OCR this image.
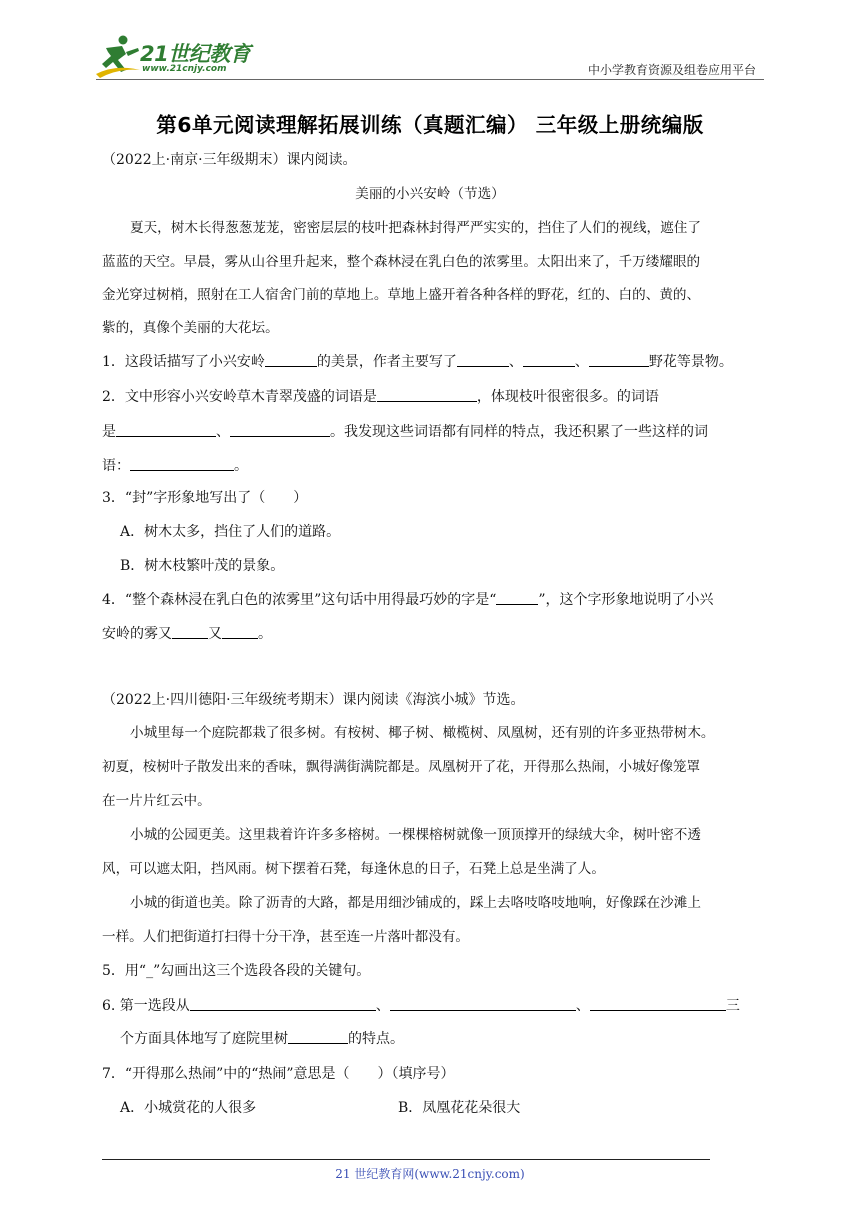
21世纪教育
www.21cnjy.com	中小学教育资源及组卷应用平台
第6单元阅读理解拓展训练（真题汇编） 三年级上册统编版
（2022上·南京·三年级期末）课内阅读。
美丽的小兴安岭（节选）
夏天，树木长得葱葱茏茏，密密层层的枝叶把森林封得严严实实的，挡住了人们的视线，遮住了
蓝蓝的天空。早晨，雾从山谷里升起来，整个森林浸在乳白色的浓雾里。太阳出来了，千万缕耀眼的
金光穿过树梢，照射在工人宿舍门前的草地上。草地上盛开着各种各样的野花，红的、白的、黄的、
紫的，真像个美丽的大花坛。
1．这段话描写了小兴安岭	的美景，作者主要写了	、	、	野花等景物。
2．文中形容小兴安岭草木青翠茂盛的词语是	，体现枝叶很密很多。的词语
是	、	。我发现这些词语都有同样的特点，我还积累了一些这样的词
语：	。
3．“封”字形象地写出了（　　）
A．树木太多，挡住了人们的道路。
B．树木枝繁叶茂的景象。
4．“整个森林浸在乳白色的浓雾里”这句话中用得最巧妙的字是“	”，这个字形象地说明了小兴
安岭的雾又	又	。
（2022上·四川德阳·三年级统考期末）课内阅读《海滨小城》节选。
小城里每一个庭院都栽了很多树。有桉树、椰子树、橄榄树、凤凰树，还有别的许多亚热带树木。
初夏，桉树叶子散发出来的香味，飘得满街满院都是。凤凰树开了花，开得那么热闹，小城好像笼罩
在一片片红云中。
小城的公园更美。这里栽着许许多多榕树。一棵棵榕树就像一顶顶撑开的绿绒大伞，树叶密不透
风，可以遮太阳，挡风雨。树下摆着石凳，每逢休息的日子，石凳上总是坐满了人。
小城的街道也美。除了沥青的大路，都是用细沙铺成的，踩上去咯吱咯吱地响，好像踩在沙滩上
一样。人们把街道打扫得十分干净，甚至连一片落叶都没有。
5．用“_”勾画出这三个选段各段的关键句。
6. 第一选段从	、	、	三
个方面具体地写了庭院里树	的特点。
7．“开得那么热闹”中的“热闹”意思是（　　）（填序号）
A．小城赏花的人很多	B．凤凰花花朵很大
21 世纪教育网(www.21cnjy.com)
